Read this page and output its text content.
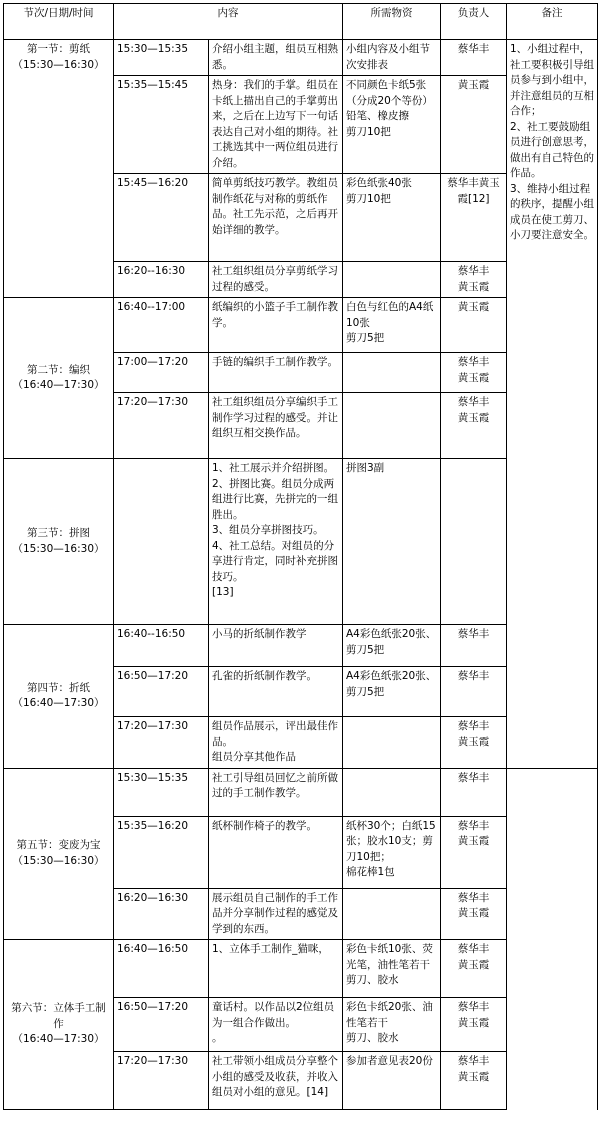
节次/日期/时间	内容		所需物资	负责人	备注	

第一节：剪纸
（15:30—16:30）	15:30—15:35	介绍小组主题，组员互相熟悉。	小组内容及小组节次安排表	蔡华丰	1、小组过程中，社工要积极引导组员参与到小组中，并注意组员的互相合作；
2、社工要鼓励组员进行创意思考，做出有自己特色的作品。
3、维持小组过程的秩序，提醒小组成员在使工剪刀、小刀要注意安全。	

	15:35—15:45	热身：我们的手掌。组员在卡纸上描出自己的手掌剪出来，之后在上边写下一句话表达自己对小组的期待。社工挑选其中一两位组员进行介绍。	不同颜色卡纸5张
（分成20个等份）
铅笔、橡皮擦
剪刀10把	黄玉霞		

	15:45—16:20	简单剪纸技巧教学。教组员制作纸花与对称的剪纸作品。社工先示范，之后再开始详细的教学。	彩色纸张40张
剪刀10把	蔡华丰黄玉霞[12]		

	16:20--16:30	社工组织组员分享剪纸学习过程的感受。		蔡华丰
黄玉霞		

第二节：编织
（16:40—17:30）	16:40--17:00	纸编织的小篮子手工制作教学。	白色与红色的A4纸10张
剪刀5把	黄玉霞		

	17:00—17:20	手链的编织手工制作教学。		蔡华丰
黄玉霞		

	17:20—17:30	社工组织组员分享编织手工制作学习过程的感受。并让组织互相交换作品。		蔡华丰
黄玉霞		

第三节：拼图
（15:30—16:30）		1、社工展示并介绍拼图。
2、拼图比赛。组员分成两组进行比赛，先拼完的一组胜出。
3、组员分享拼图技巧。
4、社工总结。对组员的分享进行肯定，同时补充拼图技巧。
[13]	拼图3副			

第四节：折纸
（16:40—17:30）	16:40--16:50	小马的折纸制作教学	A4彩色纸张20张、剪刀5把	蔡华丰		

	16:50—17:20	孔雀的折纸制作教学。	A4彩色纸张20张、剪刀5把	蔡华丰		

	17:20—17:30	组员作品展示，评出最佳作品。
组员分享其他作品		蔡华丰
黄玉霞		

第五节：变废为宝
（15:30—16:30）	15:30—15:35	社工引导组员回忆之前所做过的手工制作教学。		蔡华丰		

	15:35—16:20	纸杯制作椅子的教学。	纸杯30个；白纸15张；胶水10支；剪刀10把；
棉花棒1包	蔡华丰
黄玉霞		

	16:20—16:30	展示组员自己制作的手工作品并分享制作过程的感觉及学到的东西。		蔡华丰
黄玉霞		

第六节：立体手工制作
（16:40—17:30）	16:40—16:50	1、立体手工制作_猫咪，	彩色卡纸10张、荧光笔，油性笔若干
剪刀、胶水	蔡华丰
黄玉霞		

	16:50—17:20	童话村。以作品以2位组员为一组合作做出。
。	彩色卡纸20张、油性笔若干
剪刀、胶水	蔡华丰
黄玉霞		

	17:20—17:30	社工带领小组成员分享整个小组的感受及收获，并收入组员对小组的意见。[14]	参加者意见表20份	蔡华丰
黄玉霞		
